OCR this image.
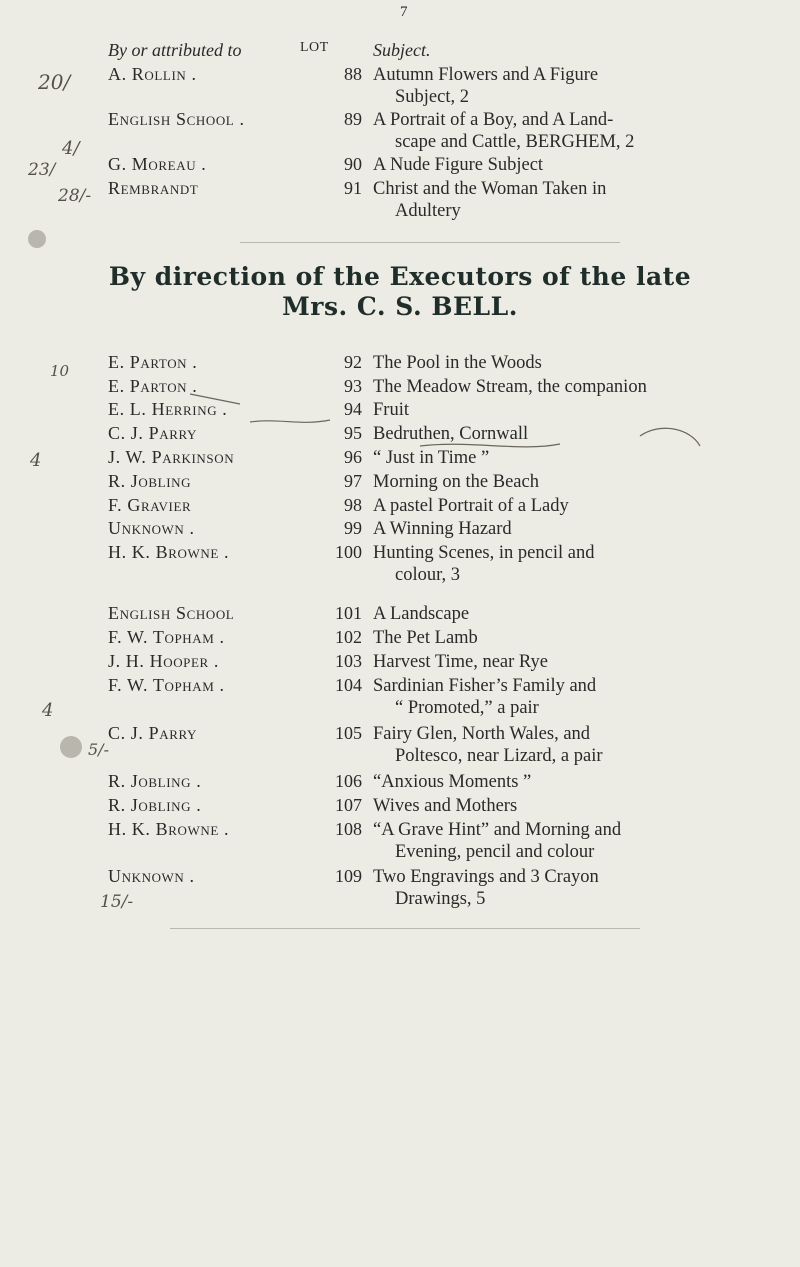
7
By or attributed to	LOT Subject.
A. Rollin .	88 Autumn Flowers and A Figure
Subject, 2
English School .	89 A Portrait of a Boy, and A Land-
scape and Cattle, BERGHEM, 2
G. Moreau .	90 A Nude Figure Subject
Rembrandt	91 Christ and the Woman Taken in
Adultery
By direction of the Executors of the late
Mrs. C. S. BELL.
E. Parton .	92 The Pool in the Woods
E. Parton .	93 The Meadow Stream, the companion
E. L. Herring .	94 Fruit
C. J. Parry	95 Bedruthen, Cornwall
J. W. Parkinson	96 “ Just in Time ”
R. Jobling	97 Morning on the Beach
F. Gravier	98 A pastel Portrait of a Lady
Unknown .	99 A Winning Hazard
H. K. Browne .	100 Hunting Scenes, in pencil and
colour, 3
English School	101 A Landscape
F. W. Topham .	102 The Pet Lamb
J. H. Hooper .	103 Harvest Time, near Rye
F. W. Topham .	104 Sardinian Fisher’s Family and
“ Promoted,” a pair
C. J. Parry	105 Fairy Glen, North Wales, and
Poltesco, near Lizard, a pair
R. Jobling .	106 “Anxious Moments ”
R. Jobling .	107 Wives and Mothers
H. K. Browne .	108 “A Grave Hint” and Morning and
Evening, pencil and colour
Unknown .	109 Two Engravings and 3 Crayon
Drawings, 5
20/
4/
23/
28/-
10
4
4
5/-
15/-
